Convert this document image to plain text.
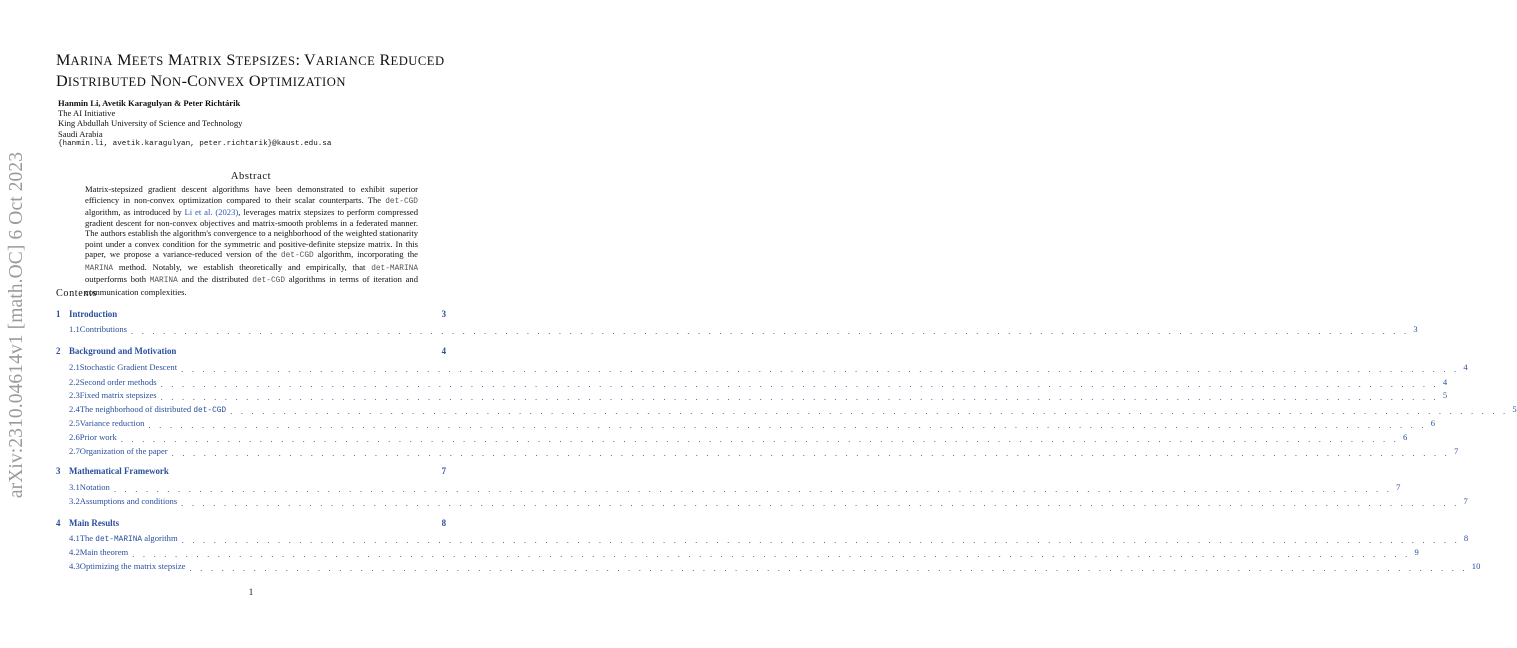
arXiv:2310.04614v1 [math.OC] 6 Oct 2023
MARINA MEETS MATRIX STEPSIZES: VARIANCE REDUCED
DISTRIBUTED NON-CONVEX OPTIMIZATION
Hanmin Li, Avetik Karagulyan & Peter Richtárik
The AI Initiative
King Abdullah University of Science and Technology
Saudi Arabia
{hanmin.li, avetik.karagulyan, peter.richtarik}@kaust.edu.sa
Abstract
Matrix-stepsized gradient descent algorithms have been demonstrated to exhibit superior efficiency in non-convex optimization compared to their scalar counterparts. The det-CGD algorithm, as introduced by Li et al. (2023), leverages matrix stepsizes to perform compressed gradient descent for non-convex objectives and matrix-smooth problems in a federated manner. The authors establish the algorithm's convergence to a neighborhood of the weighted stationarity point under a convex condition for the symmetric and positive-definite stepsize matrix. In this paper, we propose a variance-reduced version of the det-CGD algorithm, incorporating the MARINA method. Notably, we establish theoretically and empirically, that det-MARINA outperforms both MARINA and the distributed det-CGD algorithms in terms of iteration and communication complexities.
Contents
1 Introduction	3
1.1 Contributions . . . . . . . . . . . . . . . . . . . . . . . . . . . . . . . . . . . . . . . . . . . . . . . . . . . . . . . . . . . . . . . . . . . . . . . . . . . . . . . . . . . . . . . . . . . . . . . . . . . . . . . . . . . . . . . . . . . . . . . . 3
2 Background and Motivation	4
2.1 Stochastic Gradient Descent . . . . . . . . . . . . . . . . . . . . . . . . . . . . . . . . . . . . . . . . . . . . . . . . . . . . . . . . . . . . . . . . . . . . . . . . . . . . . . . . . . . . . . . . . . . . . . . . . . . . . . . . . . . . . . . . . . . . . . . . 4
2.2 Second order methods . . . . . . . . . . . . . . . . . . . . . . . . . . . . . . . . . . . . . . . . . . . . . . . . . . . . . . . . . . . . . . . . . . . . . . . . . . . . . . . . . . . . . . . . . . . . . . . . . . . . . . . . . . . . . . . . . . . . . . . . 4
2.3 Fixed matrix stepsizes . . . . . . . . . . . . . . . . . . . . . . . . . . . . . . . . . . . . . . . . . . . . . . . . . . . . . . . . . . . . . . . . . . . . . . . . . . . . . . . . . . . . . . . . . . . . . . . . . . . . . . . . . . . . . . . . . . . . . . . . 5
2.4 The neighborhood of distributed det-CGD . . . . . . . . . . . . . . . . . . . . . . . . . . . . . . . . . . . . . . . . . . . . . . . . . . . . . . . . . . . . . . . . . . . . . . . . . . . . . . . . . . . . . . . . . . . . . . . . . . . . . . . . . . . . . . . . . . . . . . . . 5
2.5 Variance reduction . . . . . . . . . . . . . . . . . . . . . . . . . . . . . . . . . . . . . . . . . . . . . . . . . . . . . . . . . . . . . . . . . . . . . . . . . . . . . . . . . . . . . . . . . . . . . . . . . . . . . . . . . . . . . . . . . . . . . . . . 6
2.6 Prior work . . . . . . . . . . . . . . . . . . . . . . . . . . . . . . . . . . . . . . . . . . . . . . . . . . . . . . . . . . . . . . . . . . . . . . . . . . . . . . . . . . . . . . . . . . . . . . . . . . . . . . . . . . . . . . . . . . . . . . . . 6
2.7 Organization of the paper . . . . . . . . . . . . . . . . . . . . . . . . . . . . . . . . . . . . . . . . . . . . . . . . . . . . . . . . . . . . . . . . . . . . . . . . . . . . . . . . . . . . . . . . . . . . . . . . . . . . . . . . . . . . . . . . . . . . . . . . 7
3 Mathematical Framework	7
3.1 Notation . . . . . . . . . . . . . . . . . . . . . . . . . . . . . . . . . . . . . . . . . . . . . . . . . . . . . . . . . . . . . . . . . . . . . . . . . . . . . . . . . . . . . . . . . . . . . . . . . . . . . . . . . . . . . . . . . . . . . . . . 7
3.2 Assumptions and conditions . . . . . . . . . . . . . . . . . . . . . . . . . . . . . . . . . . . . . . . . . . . . . . . . . . . . . . . . . . . . . . . . . . . . . . . . . . . . . . . . . . . . . . . . . . . . . . . . . . . . . . . . . . . . . . . . . . . . . . . . 7
4 Main Results	8
4.1 The det-MARINA algorithm . . . . . . . . . . . . . . . . . . . . . . . . . . . . . . . . . . . . . . . . . . . . . . . . . . . . . . . . . . . . . . . . . . . . . . . . . . . . . . . . . . . . . . . . . . . . . . . . . . . . . . . . . . . . . . . . . . . . . . . . 8
4.2 Main theorem . . . . . . . . . . . . . . . . . . . . . . . . . . . . . . . . . . . . . . . . . . . . . . . . . . . . . . . . . . . . . . . . . . . . . . . . . . . . . . . . . . . . . . . . . . . . . . . . . . . . . . . . . . . . . . . . . . . . . . . . 9
4.3 Optimizing the matrix stepsize . . . . . . . . . . . . . . . . . . . . . . . . . . . . . . . . . . . . . . . . . . . . . . . . . . . . . . . . . . . . . . . . . . . . . . . . . . . . . . . . . . . . . . . . . . . . . . . . . . . . . . . . . . . . . . . . . . . . . . . . 10
1
